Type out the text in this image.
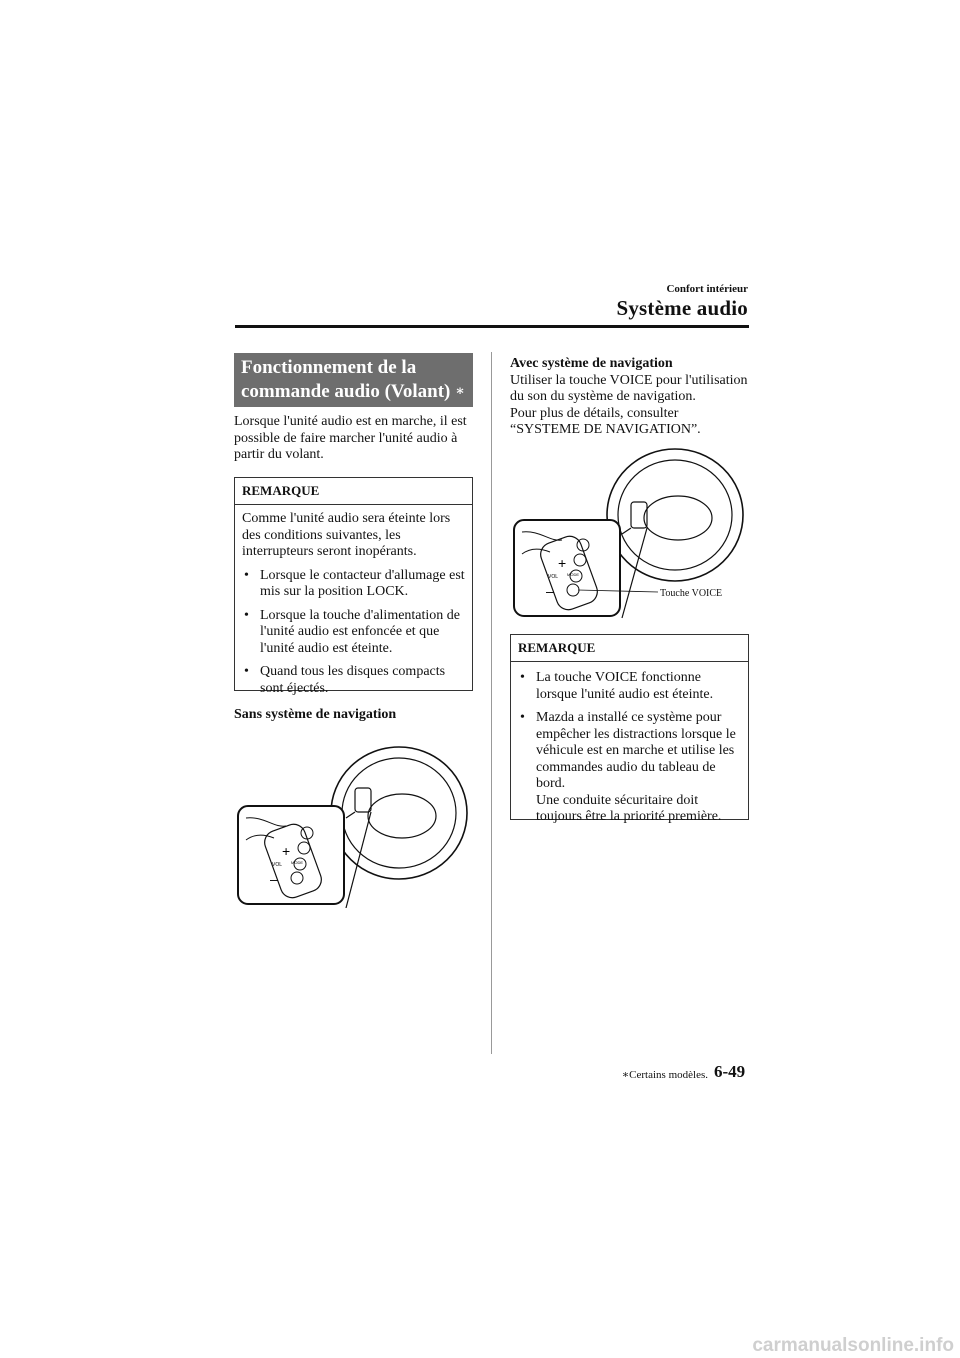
Confort intérieur
Système audio
Fonctionnement de la commande audio (Volant) ∗
Lorsque l'unité audio est en marche, il est possible de faire marcher l'unité audio à partir du volant.
REMARQUE
Comme l'unité audio sera éteinte lors des conditions suivantes, les interrupteurs seront inopérants.
• Lorsque le contacteur d'allumage est mis sur la position LOCK.
• Lorsque la touche d'alimentation de l'unité audio est enfoncée et que l'unité audio est éteinte.
• Quand tous les disques compacts sont éjectés.
Sans système de navigation
+
–
VOL MODE
Avec système de navigation
Utiliser la touche VOICE pour l'utilisation du son du système de navigation.
Pour plus de détails, consulter
“SYSTEME DE NAVIGATION”.
+
–
VOL MODE
Touche VOICE
REMARQUE
• La touche VOICE fonctionne lorsque l'unité audio est éteinte.
• Mazda a installé ce système pour empêcher les distractions lorsque le véhicule est en marche et utilise les commandes audio du tableau de bord.
Une conduite sécuritaire doit toujours être la priorité première.
∗Certains modèles. 6-49
carmanualsonline.info
